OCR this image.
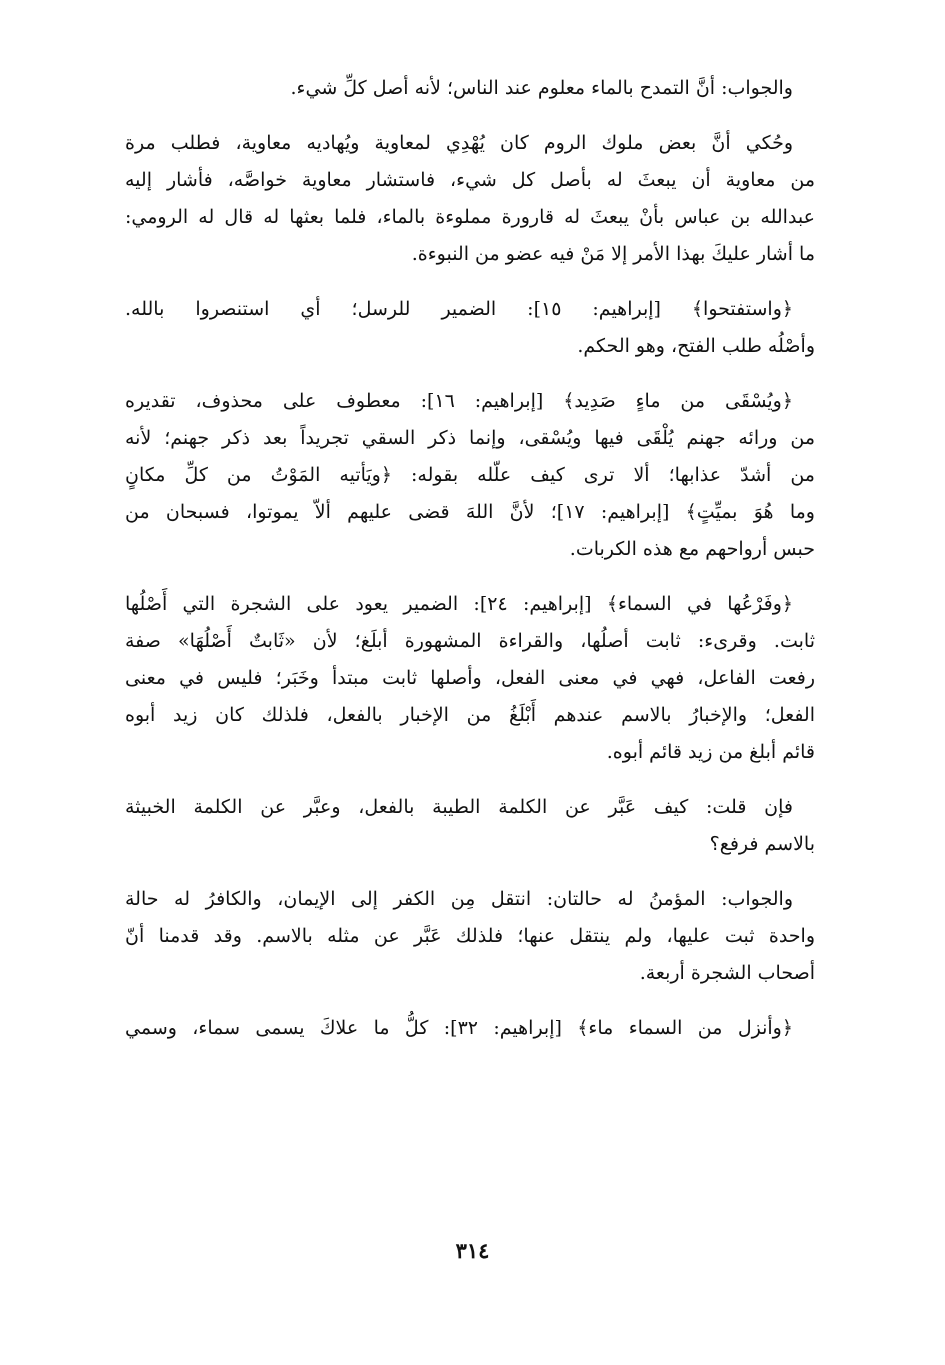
والجواب: أنَّ التمدح بالماء معلوم عند الناس؛ لأنه أصل كلِّ شيء.

وحُكي أنَّ بعض ملوك الروم كان يُهْدِي لمعاوية ويُهاديه معاوية، فطلب مرة
من معاوية أن يبعثَ له بأصل كل شيء، فاستشار معاوية خواصَّه، فأشار إليه
عبدالله بن عباس بأنْ يبعثَ له قارورة مملوءة بالماء، فلما بعثها له قال له الرومي:
ما أشار عليكَ بهذا الأمر إلا مَنْ فيه عضو من النبوءة.

﴿واستفتحوا﴾ [إبراهيم: ١٥]: الضمير للرسل؛ أي استنصروا بالله.
وأصْلُه طلب الفتح، وهو الحكم.

﴿ويُسْقَى من ماءٍ صَدِيد﴾ [إبراهيم: ١٦]: معطوف على محذوف، تقديره
من ورائه جهنم يُلْقَى فيها ويُسْقى، وإنما ذكر السقي تجريداً بعد ذكر جهنم؛ لأنه
من أشدّ عذابها؛ ألا ترى كيف علّله بقوله: ﴿ويَأتيه المَوْتُ من كلِّ مكانٍ
وما هُوَ بميِّتٍ﴾ [إبراهيم: ١٧]؛ لأنَّ اللهَ قضى عليهم ألاّ يموتوا، فسبحان من
حبس أرواحهم مع هذه الكربات.

﴿وفَرْعُها في السماء﴾ [إبراهيم: ٢٤]: الضمير يعود على الشجرة التي أَصْلُها
ثابت. وقرىء: ثابت أصلُها، والقراءة المشهورة أبلَغ؛ لأن «ثَابتٌ أَصْلُهَا» صفة
رفعت الفاعل، فهي في معنى الفعل، وأصلها ثابت مبتدأ وخَبَر؛ فليس في معنى
الفعل؛ والإخبارُ بالاسم عندهم أَبْلَغُ من الإخبار بالفعل، فلذلك كان زيد أبوه
قائم أبلغ من زيد قائم أبوه.

فإن قلت: كيف عَبَّر عن الكلمة الطيبة بالفعل، وعبَّر عن الكلمة الخبيثة
بالاسم فرفع؟

والجواب: المؤمنُ له حالتان: انتقل مِن الكفر إلى الإيمان، والكافرُ له حالة
واحدة ثبت عليها، ولم ينتقل عنها؛ فلذلك عَبَّر عن مثله بالاسم. وقد قدمنا أنّ
أصحاب الشجرة أربعة.

﴿وأنزل من السماء ماء﴾ [إبراهيم: ٣٢]: كلُّ ما علاكَ يسمى سماء، وسمي

٣١٤
